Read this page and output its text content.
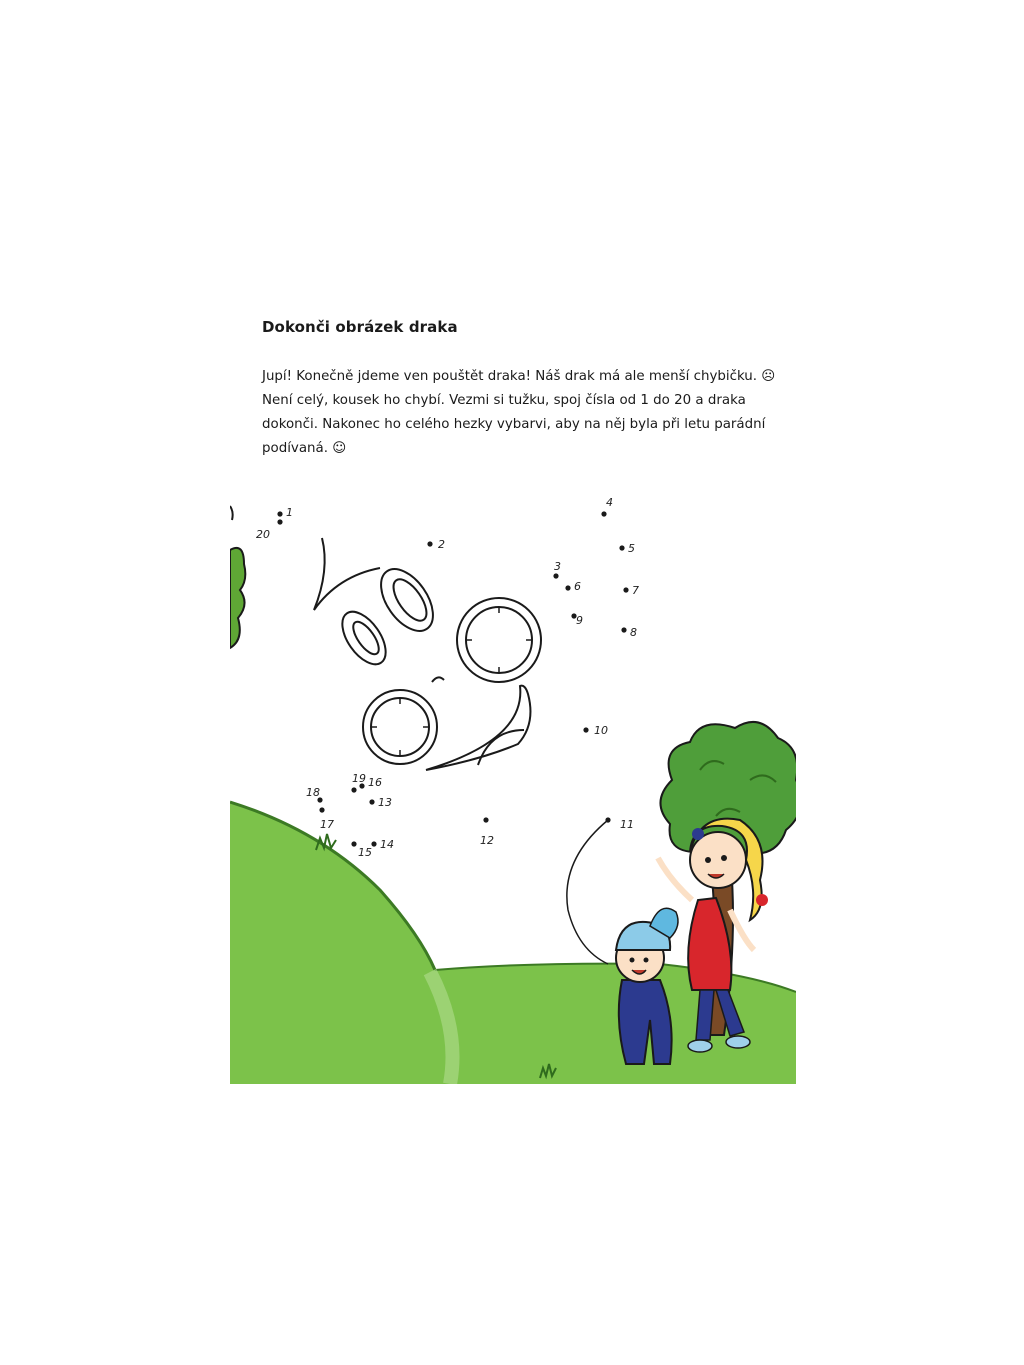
Dokonči obrázek draka
Jupí! Konečně jdeme ven pouštět draka! Náš drak má ale menší chybičku. ☹ Není celý, kousek ho chybí. Vezmi si tužku, spoj čísla od 1 do 20 a draka dokonči. Nakonec ho celého hezky vybarvi, aby na něj byla při letu parádní podívaná. ☺
1
2
3
4
5
6	7
8
9
10
11
12
13
14
15
16
17
18
19
20
